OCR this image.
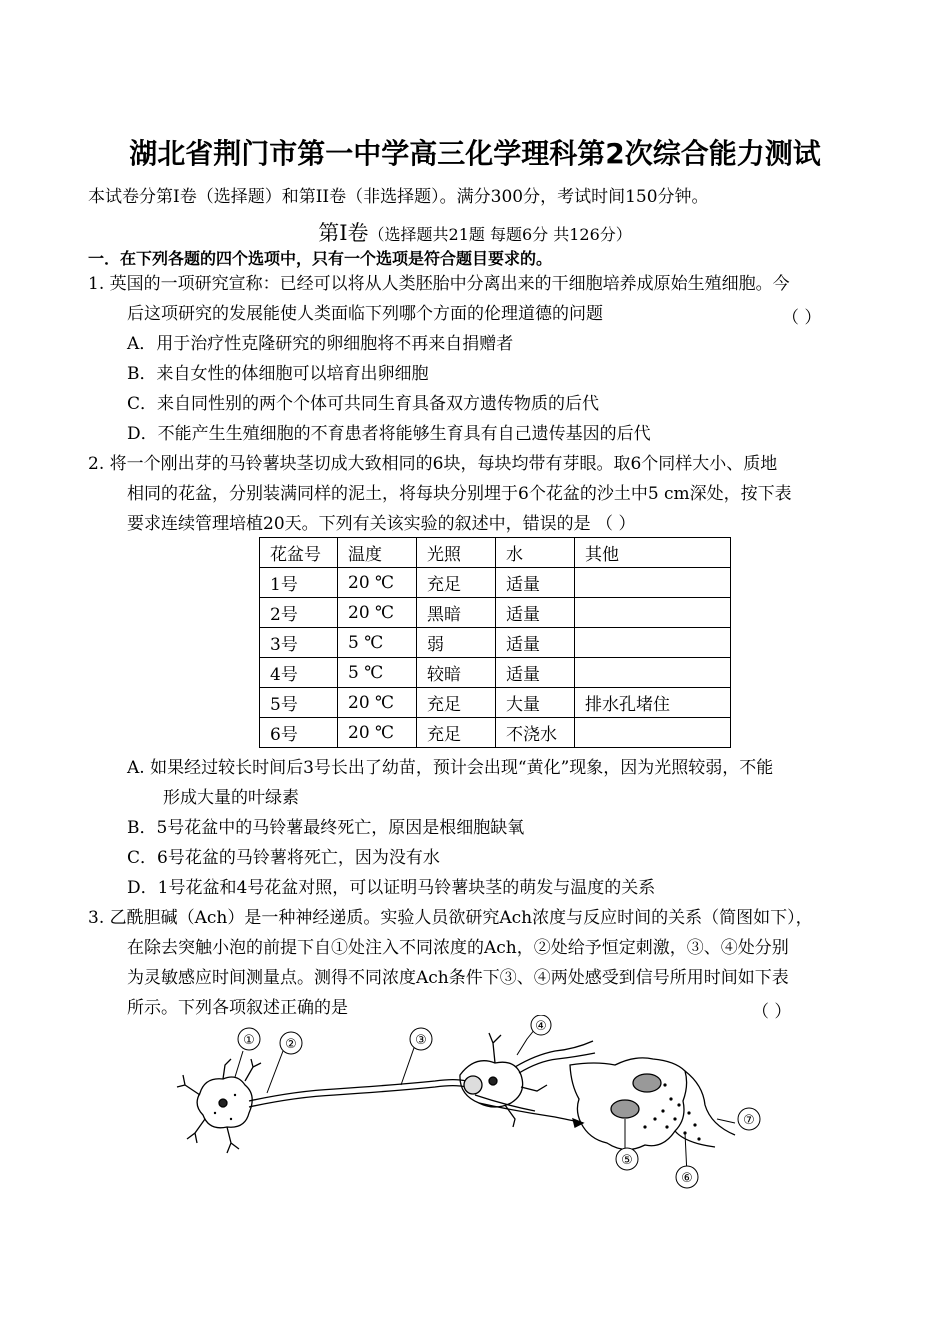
湖北省荆门市第一中学高三化学理科第2次综合能力测试
本试卷分第I卷（选择题）和第II卷（非选择题）。满分300分，考试时间150分钟。
第I卷（选择题共21题 每题6分 共126分）
一．在下列各题的四个选项中，只有一个选项是符合题目要求的。
1. 英国的一项研究宣称：已经可以将从人类胚胎中分离出来的干细胞培养成原始生殖细胞。今
后这项研究的发展能使人类面临下列哪个方面的伦理道德的问题	（ ）
A．用于治疗性克隆研究的卵细胞将不再来自捐赠者
B．来自女性的体细胞可以培育出卵细胞
C．来自同性别的两个个体可共同生育具备双方遗传物质的后代
D．不能产生生殖细胞的不育患者将能够生育具有自己遗传基因的后代
2. 将一个刚出芽的马铃薯块茎切成大致相同的6块，每块均带有芽眼。取6个同样大小、质地
相同的花盆，分别装满同样的泥土，将每块分别埋于6个花盆的沙土中5 cm深处，按下表
要求连续管理培植20天。下列有关该实验的叙述中，错误的是 （ ）
花盆号	温度	光照	水	其他
1号	20 ℃	充足	适量	
2号	20 ℃	黑暗	适量	
3号	5 ℃	弱	适量	
4号	5 ℃	较暗	适量	
5号	20 ℃	充足	大量	排水孔堵住
6号	20 ℃	充足	不浇水	
A. 如果经过较长时间后3号长出了幼苗，预计会出现“黄化”现象，因为光照较弱，不能
形成大量的叶绿素
B．5号花盆中的马铃薯最终死亡，原因是根细胞缺氧
C．6号花盆的马铃薯将死亡，因为没有水
D．1号花盆和4号花盆对照，可以证明马铃薯块茎的萌发与温度的关系
3. 乙酰胆碱（Ach）是一种神经递质。实验人员欲研究Ach浓度与反应时间的关系（简图如下），
在除去突触小泡的前提下自①处注入不同浓度的Ach，②处给予恒定刺激，③、④处分别
为灵敏感应时间测量点。测得不同浓度Ach条件下③、④两处感受到信号所用时间如下表
所示。下列各项叙述正确的是	（ ）
① ②	③
④
⑤
⑥
⑦
